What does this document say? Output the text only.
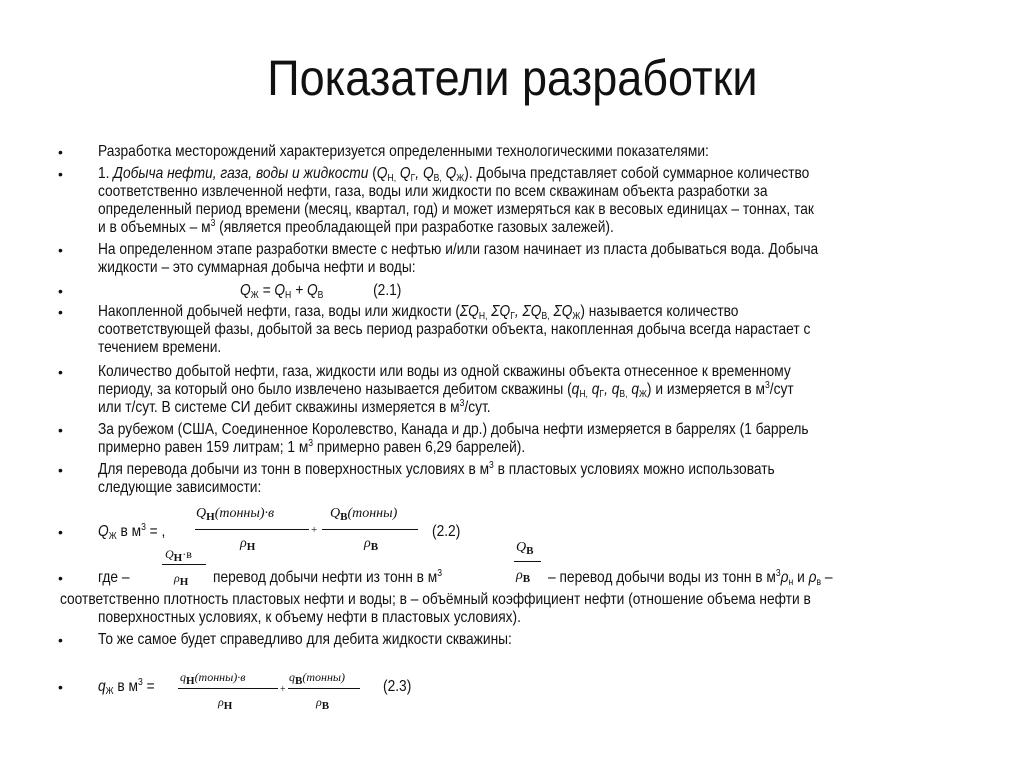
Показатели разработки
•
•
•
•
•
•
•
•
•
•
•
•
Разработка месторождений характеризуется определенными технологическими показателями:
1. Добыча нефти, газа, воды и жидкости ($Q_{Н,}$ $Q_Г$, $Q_{В,}$ $Q_Ж$). Добыча представляет собой суммарное количество
соответственно извлеченной нефти, газа, воды или жидкости по всем скважинам объекта разработки за
определенный период времени (месяц, квартал, год) и может измеряться как в весовых единицах – тоннах, так
и в объемных – $м^3$ (является преобладающей при разработке газовых залежей).
На определенном этапе разработки вместе с нефтью и/или газом начинает из пласта добываться вода. Добыча
жидкости – это суммарная добыча нефти и воды:
$Q_Ж = Q_Н + Q_В$             (2.1)
Накопленной добычей нефти, газа, воды или жидкости ($\Sigma Q_{Н,}$ $\Sigma Q_Г$, $\Sigma Q_{В,}$ $\Sigma Q_Ж$) называется количество
соответствующей фазы, добытой за весь период разработки объекта, накопленная добыча всегда нарастает с
течением времени.
Количество добытой нефти, газа, жидкости или воды из одной скважины объекта отнесенное к временному
периоду, за который оно было извлечено называется дебитом скважины ($q_{Н,}$ $q_Г$, $q_{В,}$ $q_Ж$) и измеряется в $м^3$/сут
или т/сут. В системе СИ дебит скважины измеряется в $м^3$/сут.
За рубежом (США, Соединенное Королевство, Канада и др.) добыча нефти измеряется в баррелях (1 баррель
примерно равен 159 литрам; 1 $м^3$ примерно равен 6,29 баррелей).
Для перевода добычи из тонн в поверхностных условиях в $м^3$ в пластовых условиях можно использовать
следующие зависимости:
$Q_Ж$ в $м^3$ = ,
где –	перевод добычи нефти из тонн в $м^3$	– перевод добычи воды из тонн в $м^3\rho_н$ и $\rho_в$ –
соответственно плотность пластовых нефти и воды; в – объёмный коэффициент нефти (отношение объема нефти в
поверхностных условиях, к объему нефти в пластовых условиях).
То же самое будет справедливо для дебита жидкости скважины:
$q_Ж$ в $м^3$ =
$Q_Н(тонны)\cdot в$
$\rho_Н$
+
$Q_В(тонны)$
$\rho_В$
(2.2)
QН·в
ρН
$Q_В$
$\rho_В$
qН(тонны)·в
ρН
+
qВ(тонны)
ρВ
(2.3)
